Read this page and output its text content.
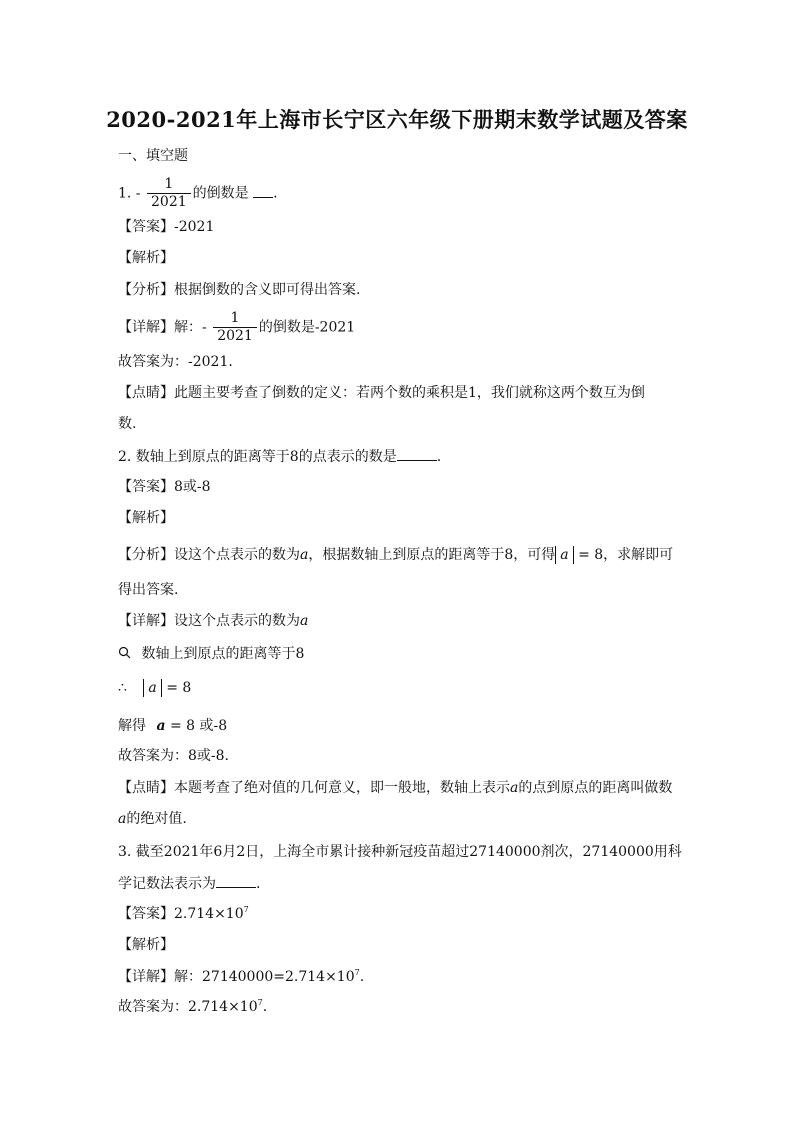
2020-2021年上海市长宁区六年级下册期末数学试题及答案
一、填空题
1. - $\frac{1}{2021}$ 的倒数是 .
【答案】-2021
【解析】
【分析】根据倒数的含义即可得出答案.
【详解】解：- $\frac{1}{2021}$ 的倒数是-2021
故答案为：-2021.
【点睛】此题主要考查了倒数的定义：若两个数的乘积是1，我们就称这两个数互为倒
数.
2. 数轴上到原点的距离等于8的点表示的数是	.
【答案】8或-8
【解析】
【分析】设这个点表示的数为a，根据数轴上到原点的距离等于8，可得 a = 8，求解即可
得出答案.
【详解】设这个点表示的数为a
数轴上到原点的距离等于8
∴ a = 8
解得 a = 8 或-8
故答案为：8或-8.
【点睛】本题考查了绝对值的几何意义，即一般地，数轴上表示a的点到原点的距离叫做数
a的绝对值.
3. 截至2021年6月2日，上海全市累计接种新冠疫苗超过27140000剂次，27140000用科
学记数法表示为	.
【答案】$2.714\times 10^7$
【解析】
【详解】解：$27140000=2.714\times 10^7$.
故答案为：$2.714\times 10^7$.
